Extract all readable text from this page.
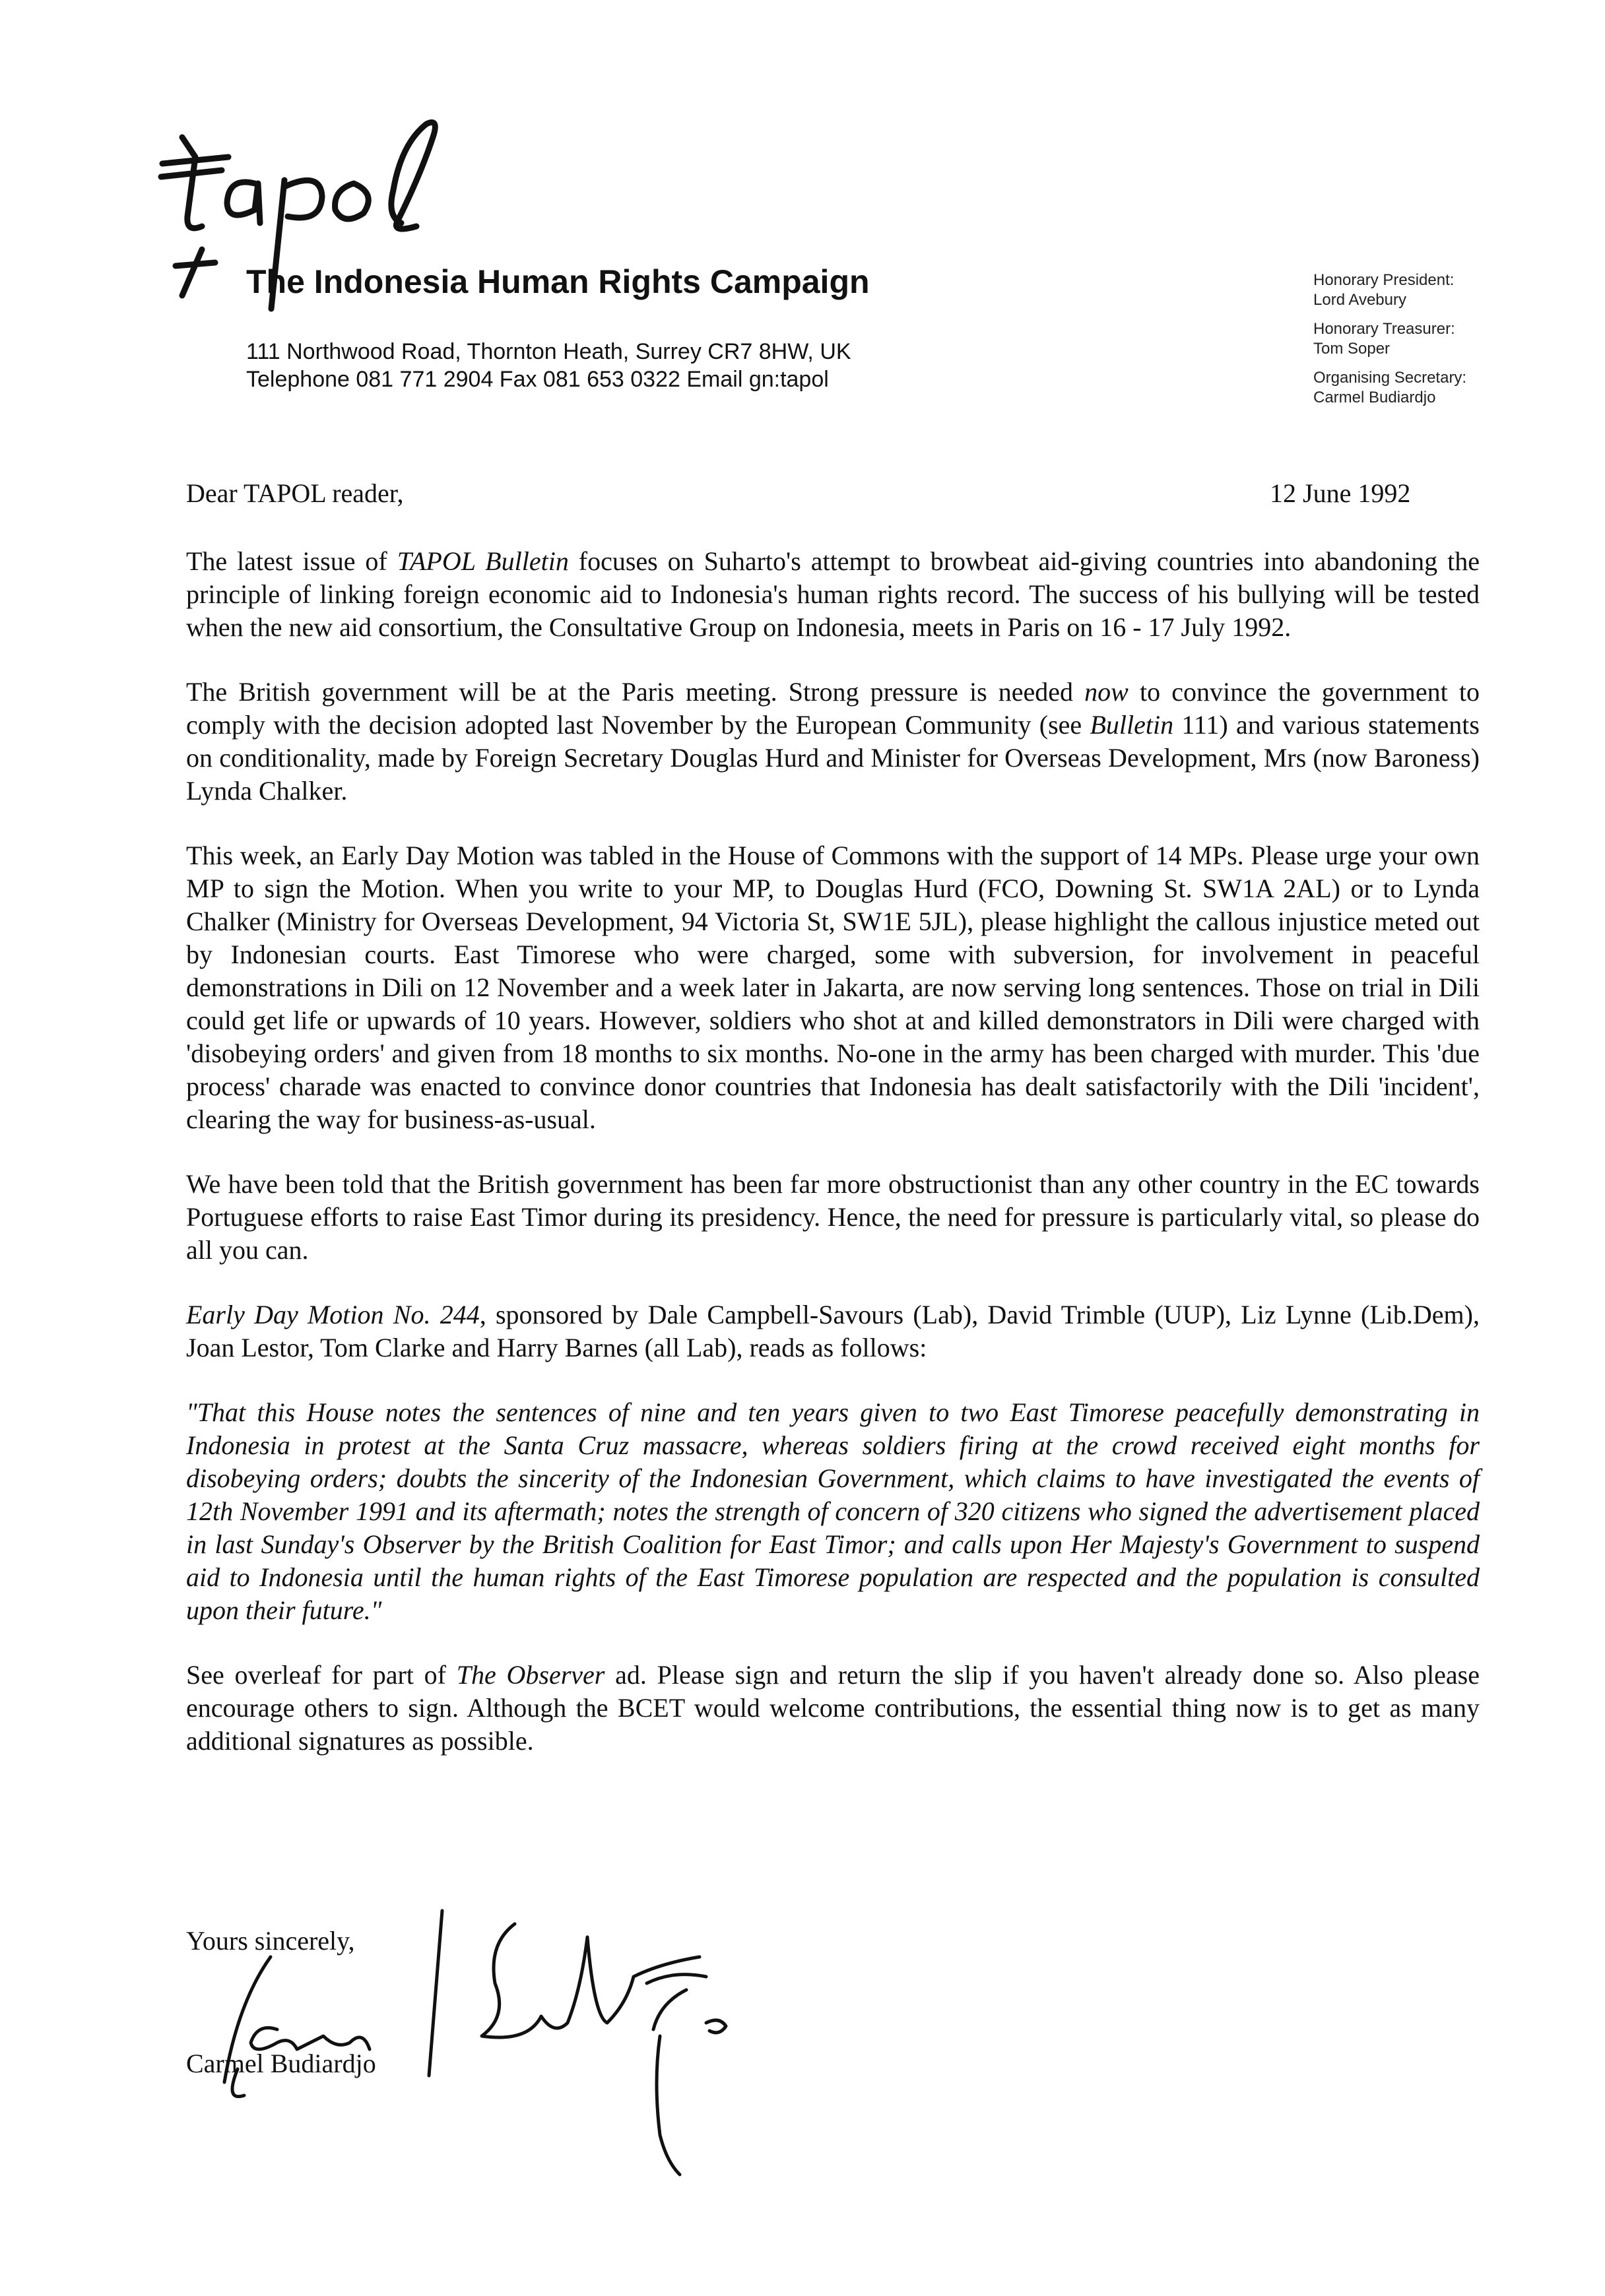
The Indonesia Human Rights Campaign
111 Northwood Road, Thornton Heath, Surrey CR7 8HW, UK
Telephone 081 771 2904 Fax 081 653 0322 Email gn:tapol
Honorary President:
Lord Avebury
Honorary Treasurer:
Tom Soper
Organising Secretary:
Carmel Budiardjo
Dear TAPOL reader,	12 June 1992

The latest issue of TAPOL Bulletin focuses on Suharto's attempt to browbeat aid-giving countries into abandoning the principle of linking foreign economic aid to Indonesia's human rights record. The success of his bullying will be tested when the new aid consortium, the Consultative Group on Indonesia, meets in Paris on 16 - 17 July 1992.

The British government will be at the Paris meeting. Strong pressure is needed now to convince the government to comply with the decision adopted last November by the European Community (see Bulletin 111) and various statements on conditionality, made by Foreign Secretary Douglas Hurd and Minister for Overseas Development, Mrs (now Baroness) Lynda Chalker.

This week, an Early Day Motion was tabled in the House of Commons with the support of 14 MPs. Please urge your own MP to sign the Motion. When you write to your MP, to Douglas Hurd (FCO, Downing St. SW1A 2AL) or to Lynda Chalker (Ministry for Overseas Development, 94 Victoria St, SW1E 5JL), please highlight the callous injustice meted out by Indonesian courts. East Timorese who were charged, some with subversion, for involvement in peaceful demonstrations in Dili on 12 November and a week later in Jakarta, are now serving long sentences. Those on trial in Dili could get life or upwards of 10 years. However, soldiers who shot at and killed demonstrators in Dili were charged with 'disobeying orders' and given from 18 months to six months. No-one in the army has been charged with murder. This 'due process' charade was enacted to convince donor countries that Indonesia has dealt satisfactorily with the Dili 'incident', clearing the way for business-as-usual.

We have been told that the British government has been far more obstructionist than any other country in the EC towards Portuguese efforts to raise East Timor during its presidency. Hence, the need for pressure is particularly vital, so please do all you can.

Early Day Motion No. 244, sponsored by Dale Campbell-Savours (Lab), David Trimble (UUP), Liz Lynne (Lib.Dem), Joan Lestor, Tom Clarke and Harry Barnes (all Lab), reads as follows:

"That this House notes the sentences of nine and ten years given to two East Timorese peacefully demonstrating in Indonesia in protest at the Santa Cruz massacre, whereas soldiers firing at the crowd received eight months for disobeying orders; doubts the sincerity of the Indonesian Government, which claims to have investigated the events of 12th November 1991 and its aftermath; notes the strength of concern of 320 citizens who signed the advertisement placed in last Sunday's Observer by the British Coalition for East Timor; and calls upon Her Majesty's Government to suspend aid to Indonesia until the human rights of the East Timorese population are respected and the population is consulted upon their future."

See overleaf for part of The Observer ad. Please sign and return the slip if you haven't already done so. Also please encourage others to sign. Although the BCET would welcome contributions, the essential thing now is to get as many additional signatures as possible.

Yours sincerely,
Carmel Budiardjo
